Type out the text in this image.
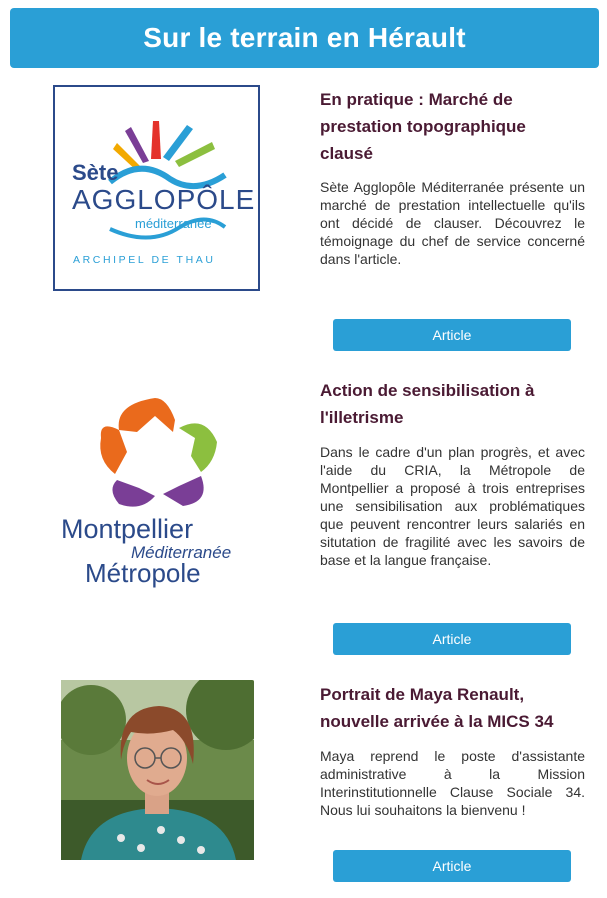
Sur le terrain en Hérault
Sète
AGGLOPÔLE
méditerranée
ARCHIPEL DE THAU
En pratique : Marché de prestation topographique clausé

Sète Agglopôle Méditerranée présente un marché de prestation intellectuelle qu'ils ont décidé de clauser. Découvrez le témoignage du chef de service concerné dans l'article.

Article
Montpellier
Méditerranée
Métropole
Action de sensibilisation à l'illetrisme

Dans le cadre d'un plan progrès, et avec l'aide du CRIA, la Métropole de Montpellier a proposé à trois entreprises une sensibilisation aux problématiques que peuvent rencontrer leurs salariés en situtation de fragilité avec les savoirs de base et la langue française.

Article
Portrait de Maya Renault, nouvelle arrivée à la MICS 34

Maya reprend le poste d'assistante administrative à la Mission Interinstitutionnelle Clause Sociale 34. Nous lui souhaitons la bienvenu !

Article
